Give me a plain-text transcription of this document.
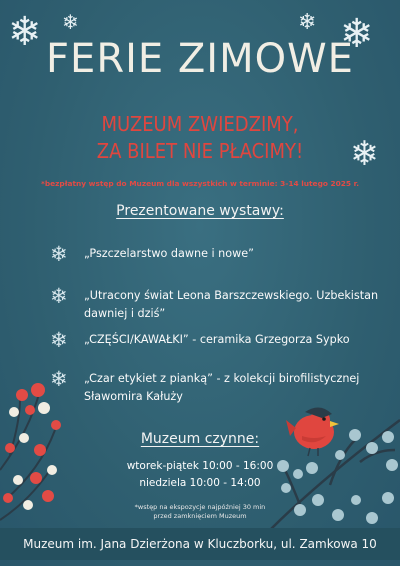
❄ ❄	❄ ❄
❄
FERIE ZIMOWE
MUZEUM ZWIEDZIMY,
ZA BILET NIE PŁACIMY!
*bezpłatny wstęp do Muzeum dla wszystkich w terminie: 3-14 lutego 2025 r.
Prezentowane wystawy:
❄ „Pszczelarstwo dawne i nowe”
❄ „Utracony świat Leona Barszczewskiego. Uzbekistan dawniej i dziś”
❄ „CZĘŚCI/KAWAŁKI” - ceramika Grzegorza Sypko
❄ „Czar etykiet z pianką” - z kolekcji birofilistycznej Sławomira Kałuży
Muzeum czynne:
wtorek-piątek 10:00 - 16:00
niedziela 10:00 - 14:00
*wstęp na ekspozycje najpóźniej 30 min
przed zamknięciem Muzeum
Muzeum im. Jana Dzierżona w Kluczborku, ul. Zamkowa 10
